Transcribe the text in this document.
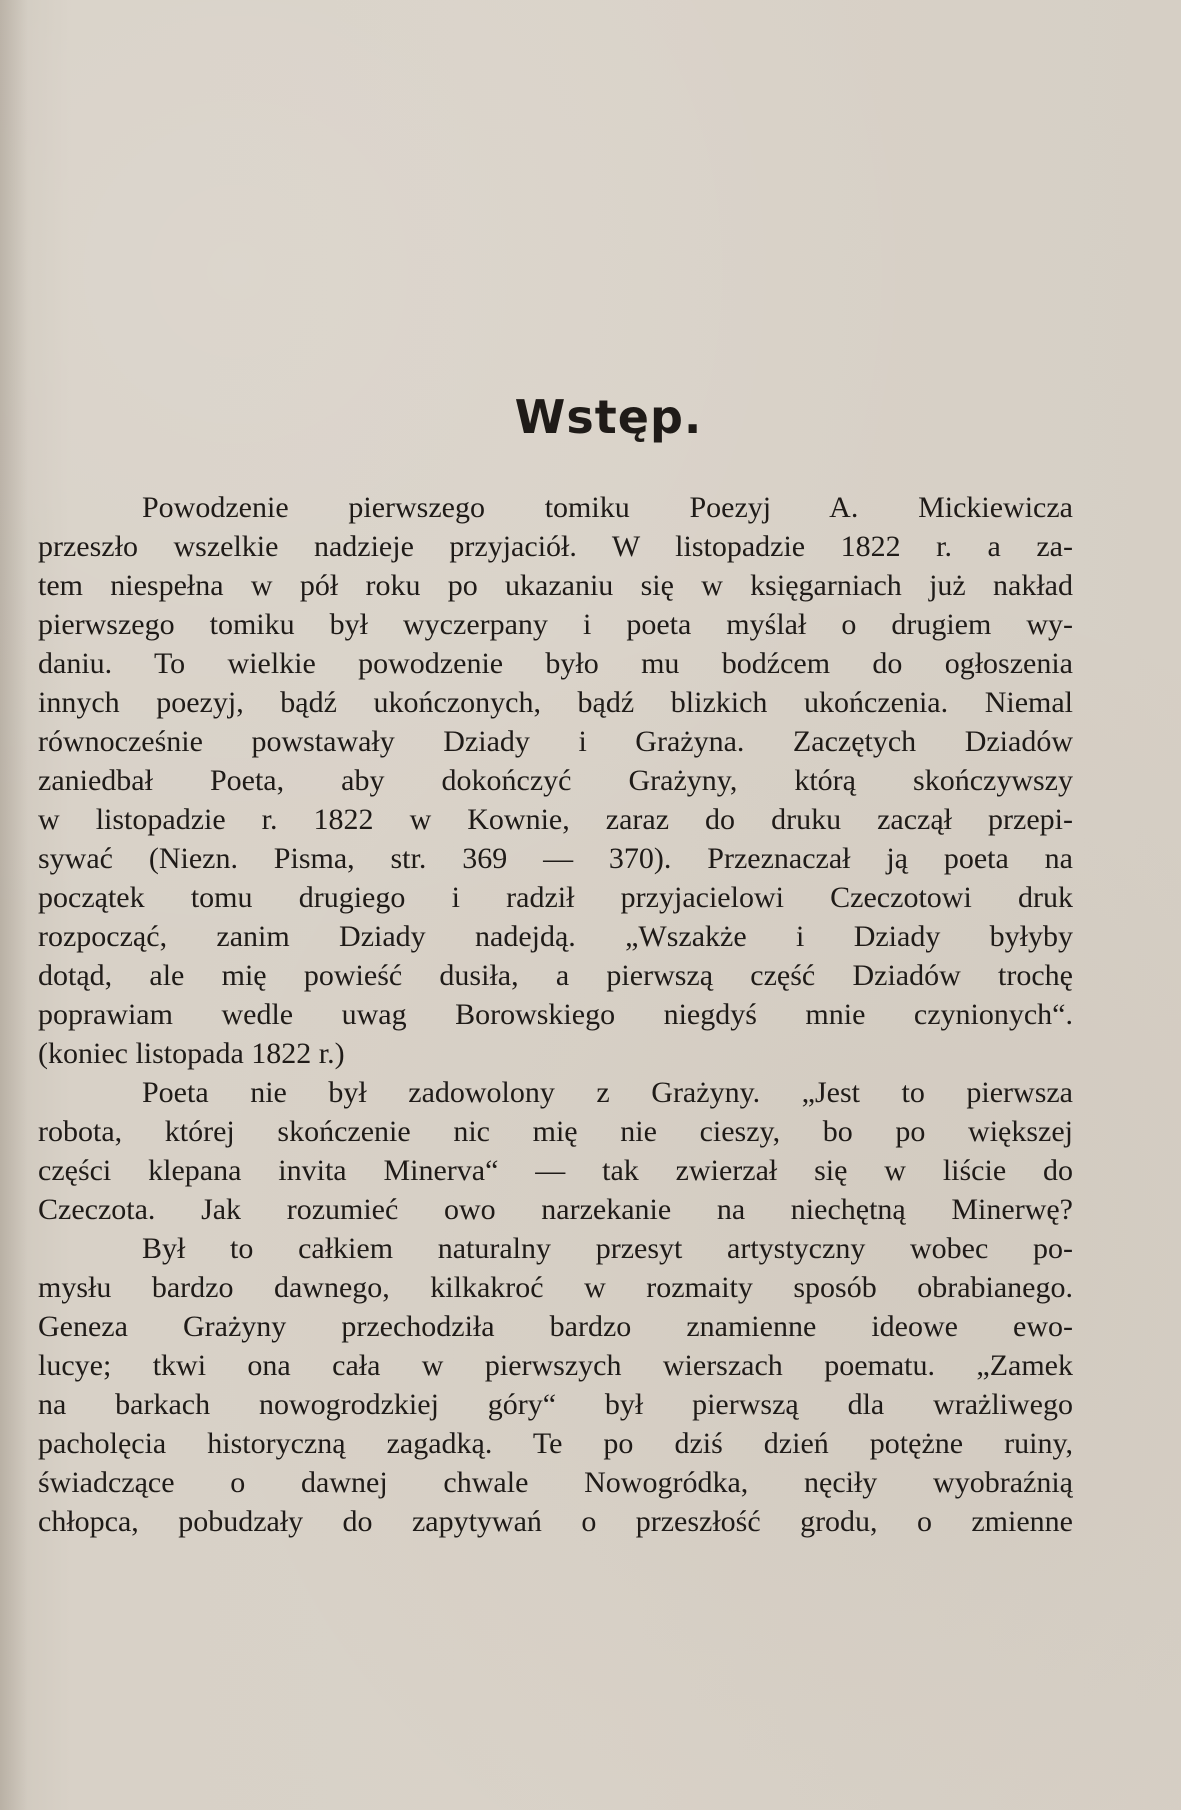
Wstęp.
Powodzenie pierwszego tomiku Poezyj A. Mickiewicza
przeszło wszelkie nadzieje przyjaciół. W listopadzie 1822 r. a za-
tem niespełna w pół roku po ukazaniu się w księgarniach już nakład
pierwszego tomiku był wyczerpany i poeta myślał o drugiem wy-
daniu. To wielkie powodzenie było mu bodźcem do ogłoszenia
innych poezyj, bądź ukończonych, bądź blizkich ukończenia. Niemal
równocześnie powstawały Dziady i Grażyna. Zaczętych Dziadów
zaniedbał Poeta, aby dokończyć Grażyny, którą skończywszy
w listopadzie r. 1822 w Kownie, zaraz do druku zaczął przepi-
sywać (Niezn. Pisma, str. 369 — 370). Przeznaczał ją poeta na
początek tomu drugiego i radził przyjacielowi Czeczotowi druk
rozpocząć, zanim Dziady nadejdą. „Wszakże i Dziady byłyby
dotąd, ale mię powieść dusiła, a pierwszą część Dziadów trochę
poprawiam wedle uwag Borowskiego niegdyś mnie czynionych“.
(koniec listopada 1822 r.)
Poeta nie był zadowolony z Grażyny. „Jest to pierwsza
robota, której skończenie nic mię nie cieszy, bo po większej
części klepana invita Minerva“ — tak zwierzał się w liście do
Czeczota. Jak rozumieć owo narzekanie na niechętną Minerwę?
Był to całkiem naturalny przesyt artystyczny wobec po-
mysłu bardzo dawnego, kilkakroć w rozmaity sposób obrabianego.
Geneza Grażyny przechodziła bardzo znamienne ideowe ewo-
lucye; tkwi ona cała w pierwszych wierszach poematu. „Zamek
na barkach nowogrodzkiej góry“ był pierwszą dla wrażliwego
pacholęcia historyczną zagadką. Te po dziś dzień potężne ruiny,
świadczące o dawnej chwale Nowogródka, nęciły wyobraźnią
chłopca, pobudzały do zapytywań o przeszłość grodu, o zmienne
